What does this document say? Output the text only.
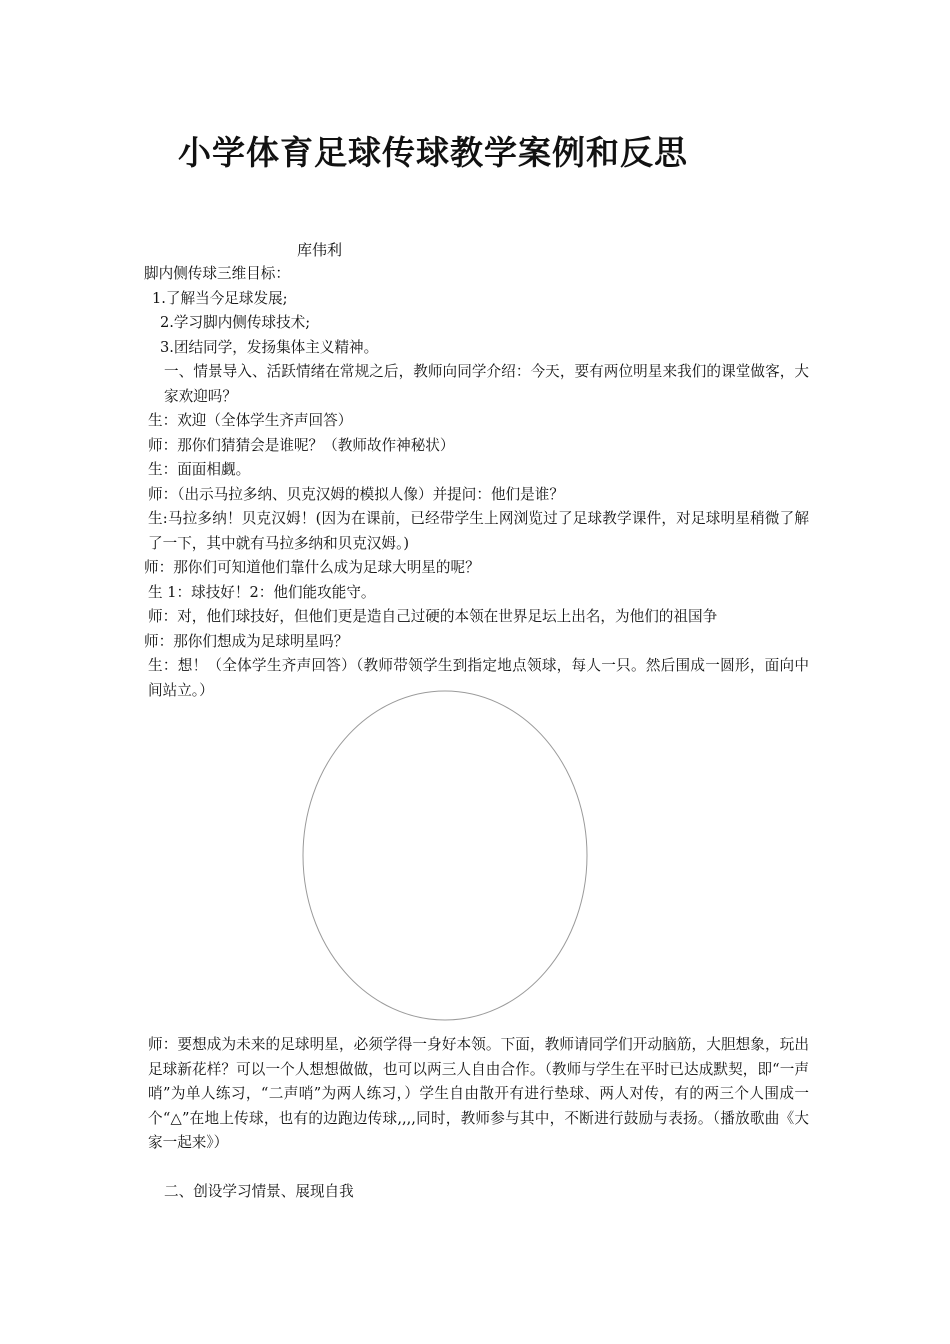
小学体育足球传球教学案例和反思
库伟利

脚内侧传球三维目标：

1.了解当今足球发展;

2.学习脚内侧传球技术;

3.团结同学，发扬集体主义精神。

一、情景导入、活跃情绪在常规之后，教师向同学介绍：今天，要有两位明星来我们的课堂做客，大家欢迎吗？

生：欢迎（全体学生齐声回答）

师：那你们猜猜会是谁呢？（教师故作神秘状）

生：面面相觑。

师：（出示马拉多纳、贝克汉姆的模拟人像）并提问：他们是谁？

生:马拉多纳！贝克汉姆！(因为在课前，已经带学生上网浏览过了足球教学课件，对足球明星稍微了解了一下，其中就有马拉多纳和贝克汉姆。)

师：那你们可知道他们靠什么成为足球大明星的呢？

生 1：球技好！2：他们能攻能守。

师：对，他们球技好，但他们更是造自己过硬的本领在世界足坛上出名，为他们的祖国争

师：那你们想成为足球明星吗？

生：想！（全体学生齐声回答）（教师带领学生到指定地点领球，每人一只。然后围成一圆形，面向中间站立。）

师：要想成为未来的足球明星，必须学得一身好本领。下面，教师请同学们开动脑筋，大胆想象，玩出足球新花样？可以一个人想想做做，也可以两三人自由合作。（教师与学生在平时已达成默契，即“一声哨”为单人练习，“二声哨”为两人练习，）学生自由散开有进行垫球、两人对传，有的两三个人围成一个“△”在地上传球，也有的边跑边传球,,,,同时，教师参与其中，不断进行鼓励与表扬。（播放歌曲《大家一起来》）

二、创设学习情景、展现自我
